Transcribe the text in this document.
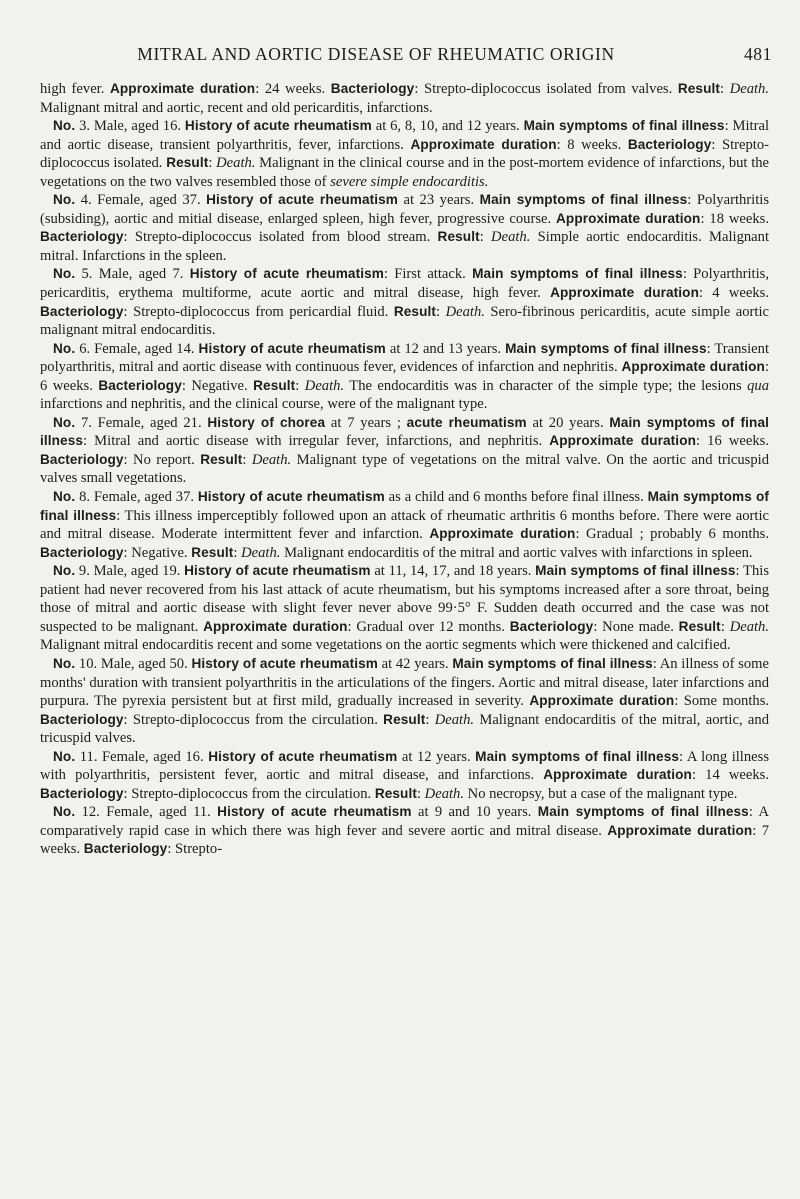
MITRAL AND AORTIC DISEASE OF RHEUMATIC ORIGIN	481

high fever. Approximate duration: 24 weeks. Bacteriology: Strepto-diplococcus isolated from valves. Result: Death. Malignant mitral and aortic, recent and old pericarditis, infarctions.

No. 3. Male, aged 16. History of acute rheumatism at 6, 8, 10, and 12 years. Main symptoms of final illness: Mitral and aortic disease, transient polyarthritis, fever, infarctions. Approximate duration: 8 weeks. Bacteriology: Strepto-diplococcus isolated. Result: Death. Malignant in the clinical course and in the post-mortem evidence of infarctions, but the vegetations on the two valves resembled those of severe simple endocarditis.

No. 4. Female, aged 37. History of acute rheumatism at 23 years. Main symptoms of final illness: Polyarthritis (subsiding), aortic and mitial disease, enlarged spleen, high fever, progressive course. Approximate duration: 18 weeks. Bacteriology: Strepto-diplococcus isolated from blood stream. Result: Death. Simple aortic endocarditis. Malignant mitral. Infarctions in the spleen.

No. 5. Male, aged 7. History of acute rheumatism: First attack. Main symptoms of final illness: Polyarthritis, pericarditis, erythema multiforme, acute aortic and mitral disease, high fever. Approximate duration: 4 weeks. Bacteriology: Strepto-diplococcus from pericardial fluid. Result: Death. Sero-fibrinous pericarditis, acute simple aortic malignant mitral endocarditis.

No. 6. Female, aged 14. History of acute rheumatism at 12 and 13 years. Main symptoms of final illness: Transient polyarthritis, mitral and aortic disease with continuous fever, evidences of infarction and nephritis. Approximate duration: 6 weeks. Bacteriology: Negative. Result: Death. The endocarditis was in character of the simple type; the lesions qua infarctions and nephritis, and the clinical course, were of the malignant type.

No. 7. Female, aged 21. History of chorea at 7 years ; acute rheumatism at 20 years. Main symptoms of final illness: Mitral and aortic disease with irregular fever, infarctions, and nephritis. Approximate duration: 16 weeks. Bacteriology: No report. Result: Death. Malignant type of vegetations on the mitral valve. On the aortic and tricuspid valves small vegetations.

No. 8. Female, aged 37. History of acute rheumatism as a child and 6 months before final illness. Main symptoms of final illness: This illness imperceptibly followed upon an attack of rheumatic arthritis 6 months before. There were aortic and mitral disease. Moderate intermittent fever and infarction. Approximate duration: Gradual ; probably 6 months. Bacteriology: Negative. Result: Death. Malignant endocarditis of the mitral and aortic valves with infarctions in spleen.

No. 9. Male, aged 19. History of acute rheumatism at 11, 14, 17, and 18 years. Main symptoms of final illness: This patient had never recovered from his last attack of acute rheumatism, but his symptoms increased after a sore throat, being those of mitral and aortic disease with slight fever never above 99·5° F. Sudden death occurred and the case was not suspected to be malignant. Approximate duration: Gradual over 12 months. Bacteriology: None made. Result: Death. Malignant mitral endocarditis recent and some vegetations on the aortic segments which were thickened and calcified.

No. 10. Male, aged 50. History of acute rheumatism at 42 years. Main symptoms of final illness: An illness of some months' duration with transient polyarthritis in the articulations of the fingers. Aortic and mitral disease, later infarctions and purpura. The pyrexia persistent but at first mild, gradually increased in severity. Approximate duration: Some months. Bacteriology: Strepto-diplococcus from the circulation. Result: Death. Malignant endocarditis of the mitral, aortic, and tricuspid valves.

No. 11. Female, aged 16. History of acute rheumatism at 12 years. Main symptoms of final illness: A long illness with polyarthritis, persistent fever, aortic and mitral disease, and infarctions. Approximate duration: 14 weeks. Bacteriology: Strepto-diplococcus from the circulation. Result: Death. No necropsy, but a case of the malignant type.

No. 12. Female, aged 11. History of acute rheumatism at 9 and 10 years. Main symptoms of final illness: A comparatively rapid case in which there was high fever and severe aortic and mitral disease. Approximate duration: 7 weeks. Bacteriology: Strepto-
